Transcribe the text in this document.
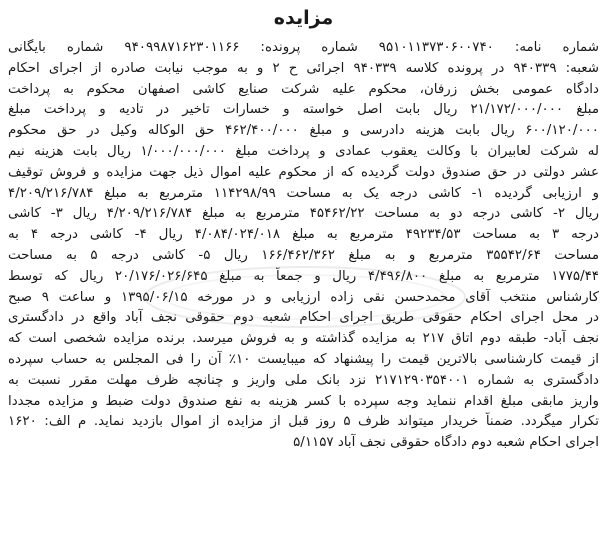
مزایده

شماره نامه: ۹۵۱۰۱۱۳۷۳۰۶۰۰۷۴۰ شماره پرونده: ۹۴۰۹۹۸۷۱۶۲۳۰۱۱۶۶ شماره بایگانی
شعبه: ۹۴۰۳۳۹ در پرونده کلاسه ۹۴۰۳۳۹ اجرائی ح ۲ و به موجب نیابت صادره از اجرای احکام
دادگاه عمومی بخش زرفان، محکوم علیه شرکت صنایع کاشی اصفهان محکوم به پرداخت
مبلغ ۲۱/۱۷۲/۰۰۰/۰۰۰ ریال بابت اصل خواسته و خسارات تاخیر در تادیه و پرداخت مبلغ
۶۰۰/۱۲۰/۰۰۰ ریال بابت هزینه دادرسی و مبلغ ۴۶۲/۴۰۰/۰۰۰ حق الوکاله وکیل در حق محکوم
له شرکت لعابیران با وکالت یعقوب عمادی و پرداخت مبلغ ۱/۰۰۰/۰۰۰/۰۰۰ ریال بابت هزینه نیم
عشر دولتی در حق صندوق دولت گردیده که از محکوم علیه اموال ذیل جهت مزایده و فروش توقیف
و ارزیابی گردیده ۱- کاشی درجه یک به مساحت ۱۱۴۲۹۸/۹۹ مترمربع به مبلغ ۴/۲۰۹/۲۱۶/۷۸۴
ریال ۲- کاشی درجه دو به مساحت ۴۵۴۶۲/۲۲ مترمربع به مبلغ ۴/۲۰۹/۲۱۶/۷۸۴ ریال ۳- کاشی
درجه ۳ به مساحت ۴۹۲۳۴/۵۳ مترمربع به مبلغ ۴/۰۸۴/۰۲۴/۰۱۸ ریال ۴- کاشی درجه ۴ به
مساحت ۳۵۵۴۲/۶۴ مترمربع و به مبلغ ۱۶۶/۴۶۲/۳۶۲ ریال ۵- کاشی درجه ۵ به مساحت
۱۷۷۵/۴۴ مترمربع به مبلغ ۴/۴۹۶/۸۰۰ ریال و جمعاً به مبلغ ۲۰/۱۷۶/۰۲۶/۶۴۵ ریال که توسط
کارشناس منتخب آقای محمدحسن نقی زاده ارزیابی و در مورخه ۱۳۹۵/۰۶/۱۵ و ساعت ۹ صبح
در محل اجرای احکام حقوقی طریق اجرای احکام شعبه دوم حقوقی نجف آباد واقع در دادگستری
نجف آباد- طبقه دوم اتاق ۲۱۷ به مزایده گذاشته و به فروش میرسد. برنده مزایده شخصی است که
از قیمت کارشناسی بالاترین قیمت را پیشنهاد که میبایست ۱۰٪ آن را فی المجلس به حساب سپرده
دادگستری به شماره ۲۱۷۱۲۹۰۳۵۴۰۰۱ نزد بانک ملی واریز و چنانچه ظرف مهلت مقرر نسبت به
واریز مابقی مبلغ اقدام ننماید وجه سپرده با کسر هزینه به نفع صندوق دولت ضبط و مزایده مجددا
تکرار میگردد. ضمناً خریدار میتواند ظرف ۵ روز قبل از مزایده از اموال بازدید نماید. م الف: ۱۶۲۰
اجرای احکام شعبه دوم دادگاه حقوقی نجف آباد ۵/۱۱۵۷
